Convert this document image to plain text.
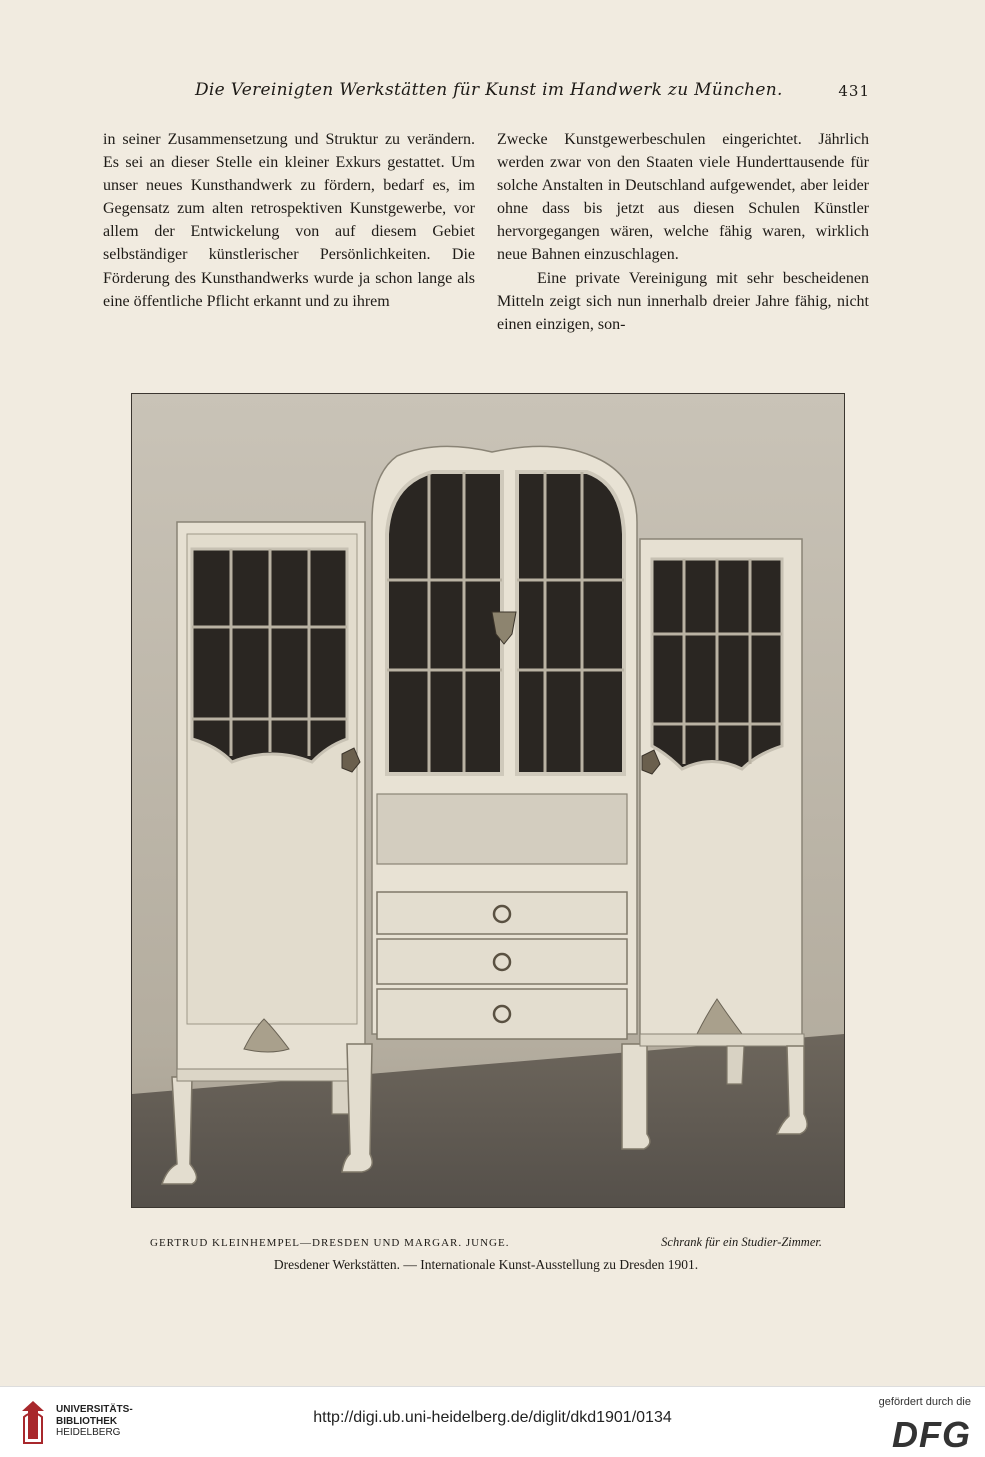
Die Vereinigten Werkstätten für Kunst im Handwerk zu München.	431

in seiner Zusammensetzung und Struktur zu verändern. Es sei an dieser Stelle ein kleiner Exkurs gestattet. Um unser neues Kunsthandwerk zu fördern, bedarf es, im Gegensatz zum alten retrospektiven Kunstgewerbe, vor allem der Entwickelung von auf diesem Gebiet selbständiger künstlerischer Persönlichkeiten. Die Förderung des Kunsthandwerks wurde ja schon lange als eine öffentliche Pflicht erkannt und zu ihrem

Zwecke Kunstgewerbeschulen eingerichtet. Jährlich werden zwar von den Staaten viele Hunderttausende für solche Anstalten in Deutschland aufgewendet, aber leider ohne dass bis jetzt aus diesen Schulen Künstler hervorgegangen wären, welche fähig waren, wirklich neue Bahnen einzuschlagen.

Eine private Vereinigung mit sehr bescheidenen Mitteln zeigt sich nun innerhalb dreier Jahre fähig, nicht einen einzigen, son-

GERTRUD KLEINHEMPEL—DRESDEN UND MARGAR. JUNGE.	Schrank für ein Studier-Zimmer.
Dresdener Werkstätten. — Internationale Kunst-Ausstellung zu Dresden 1901.
UNIVERSITÄTS-
BIBLIOTHEK
HEIDELBERG
http://digi.ub.uni-heidelberg.de/diglit/dkd1901/0134
gefördert durch die
DFG
